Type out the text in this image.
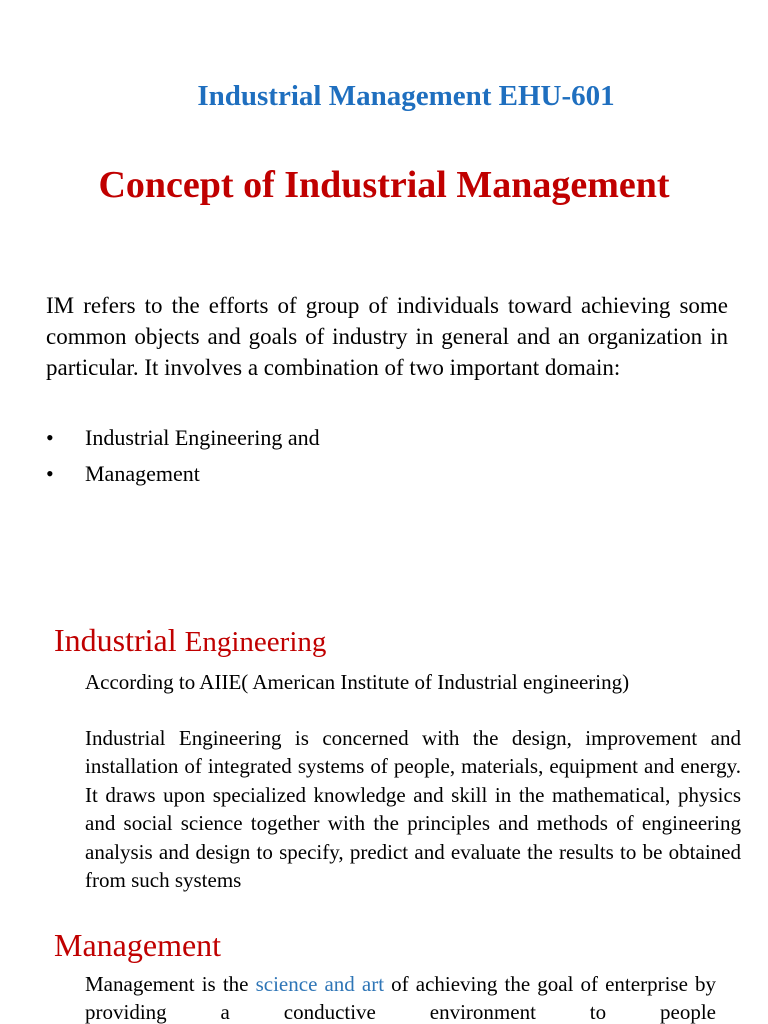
Industrial Management EHU-601
Concept of Industrial Management

IM refers to the efforts of group of individuals toward achieving some common objects and goals of industry in general and an organization in particular. It involves a combination of two important domain:

• Industrial Engineering and
• Management
Industrial Engineering
According to AIIE( American Institute of Industrial engineering)

Industrial Engineering is concerned with the design, improvement and installation of integrated systems of people, materials, equipment and energy. It draws upon specialized knowledge and skill in the mathematical, physics and social science together with the principles and methods of engineering analysis and design to specify, predict and evaluate the results to be obtained from such systems

Management

Management is the science and art of achieving the goal of enterprise by providing a conductive environment to people
